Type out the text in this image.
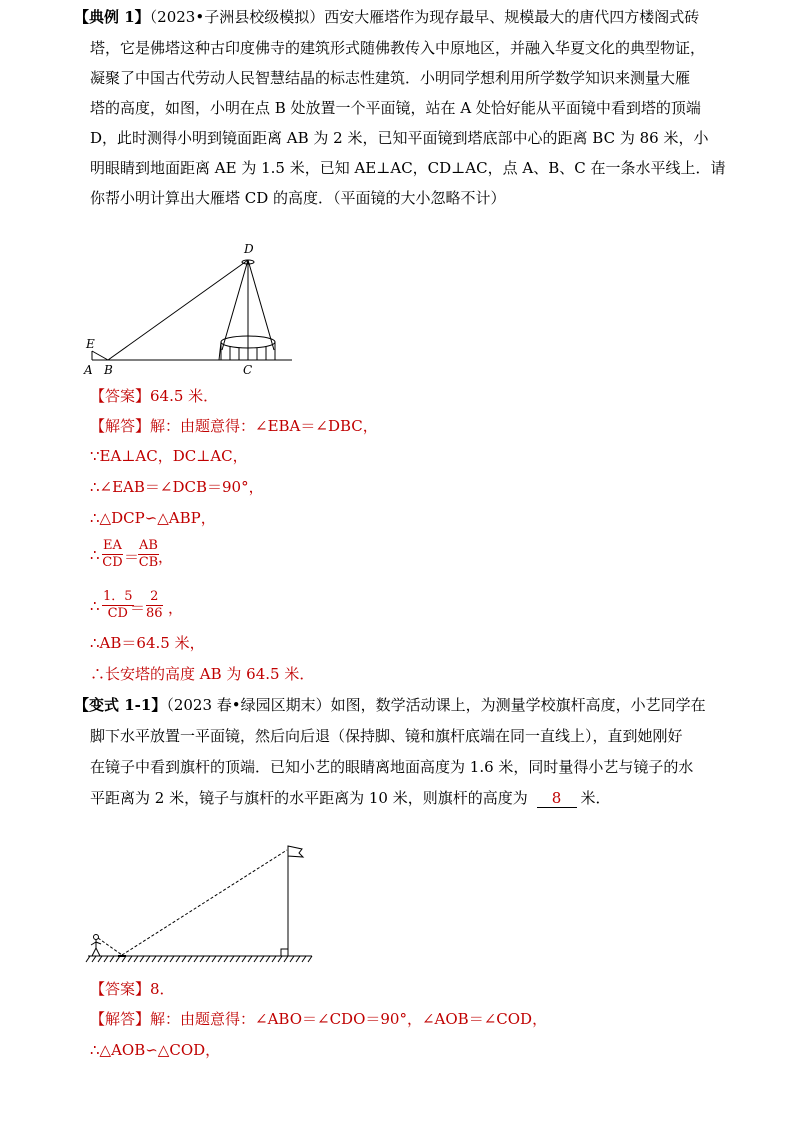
【典例 1】（2023•子洲县校级模拟）西安大雁塔作为现存最早、规模最大的唐代四方楼阁式砖
塔，它是佛塔这种古印度佛寺的建筑形式随佛教传入中原地区，并融入华夏文化的典型物证，
凝聚了中国古代劳动人民智慧结晶的标志性建筑．小明同学想利用所学数学知识来测量大雁
塔的高度，如图，小明在点 B 处放置一个平面镜，站在 A 处恰好能从平面镜中看到塔的顶端
D，此时测得小明到镜面距离 AB 为 2 米，已知平面镜到塔底部中心的距离 BC 为 86 米，小
明眼睛到地面距离 AE 为 1.5 米，已知 AE⊥AC，CD⊥AC，点 A、B、C 在一条水平线上．请
你帮小明计算出大雁塔 CD 的高度．（平面镜的大小忽略不计）
D
E
A B	C
【答案】64.5 米．
【解答】解：由题意得：∠EBA＝∠DBC，
∵EA⊥AC，DC⊥AC，
∴∠EAB＝∠DCB＝90°，
∴△DCP∽△ABP，
∴ $\frac{EA}{CD}$ ＝
$\frac{AB}{CB}$ ，
∴ $\frac{1.5}{CD}$
＝ $\frac{2}{86}$ ，
∴AB＝64.5 米，
∴长安塔的高度 AB 为 64.5 米．
【变式 1-1】（2023 春•绿园区期末）如图，数学活动课上，为测量学校旗杆高度，小艺同学在
脚下水平放置一平面镜，然后向后退（保持脚、镜和旗杆底端在同一直线上），直到她刚好
在镜子中看到旗杆的顶端．已知小艺的眼睛离地面高度为 1.6 米，同时量得小艺与镜子的水
平距离为 2 米，镜子与旗杆的水平距离为 10 米，则旗杆的高度为 8 米．
【答案】8．
【解答】解：由题意得：∠ABO＝∠CDO＝90°，∠AOB＝∠COD，
∴△AOB∽△COD，
